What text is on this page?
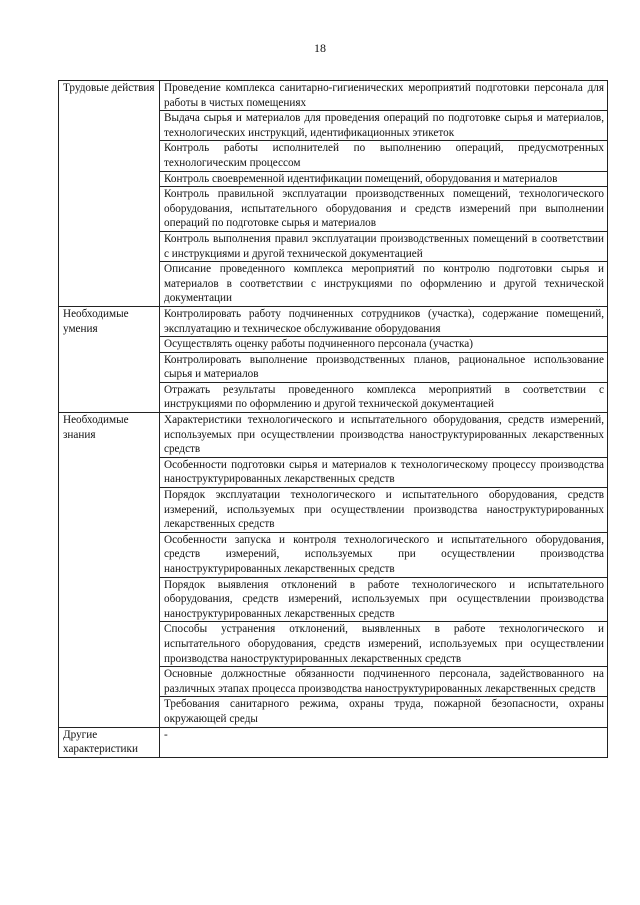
18
Трудовые действия	Проведение комплекса санитарно-гигиенических мероприятий подготовки персонала для работы в чистых помещениях
	Выдача сырья и материалов для проведения операций по подготовке сырья и материалов, технологических инструкций, идентификационных этикеток
	Контроль работы исполнителей по выполнению операций, предусмотренных технологическим процессом
	Контроль своевременной идентификации помещений, оборудования и материалов
	Контроль правильной эксплуатации производственных помещений, технологического оборудования, испытательного оборудования и средств измерений при выполнении операций по подготовке сырья и материалов
	Контроль выполнения правил эксплуатации производственных помещений в соответствии с инструкциями и другой технической документацией
	Описание проведенного комплекса мероприятий по контролю подготовки сырья и материалов в соответствии с инструкциями по оформлению и другой технической документации
Необходимые умения	Контролировать работу подчиненных сотрудников (участка), содержание помещений, эксплуатацию и техническое обслуживание оборудования
	Осуществлять оценку работы подчиненного персонала (участка)
	Контролировать выполнение производственных планов, рациональное использование сырья и материалов
	Отражать результаты проведенного комплекса мероприятий в соответствии с инструкциями по оформлению и другой технической документацией
Необходимые знания	Характеристики технологического и испытательного оборудования, средств измерений, используемых при осуществлении производства наноструктурированных лекарственных средств
	Особенности подготовки сырья и материалов к технологическому процессу производства наноструктурированных лекарственных средств
	Порядок эксплуатации технологического и испытательного оборудования, средств измерений, используемых при осуществлении производства наноструктурированных лекарственных средств
	Особенности запуска и контроля технологического и испытательного оборудования, средств измерений, используемых при осуществлении производства наноструктурированных лекарственных средств
	Порядок выявления отклонений в работе технологического и испытательного оборудования, средств измерений, используемых при осуществлении производства наноструктурированных лекарственных средств
	Способы устранения отклонений, выявленных в работе технологического и испытательного оборудования, средств измерений, используемых при осуществлении производства наноструктурированных лекарственных средств
	Основные должностные обязанности подчиненного персонала, задействованного на различных этапах процесса производства наноструктурированных лекарственных средств
	Требования санитарного режима, охраны труда, пожарной безопасности, охраны окружающей среды
Другие характеристики	-
